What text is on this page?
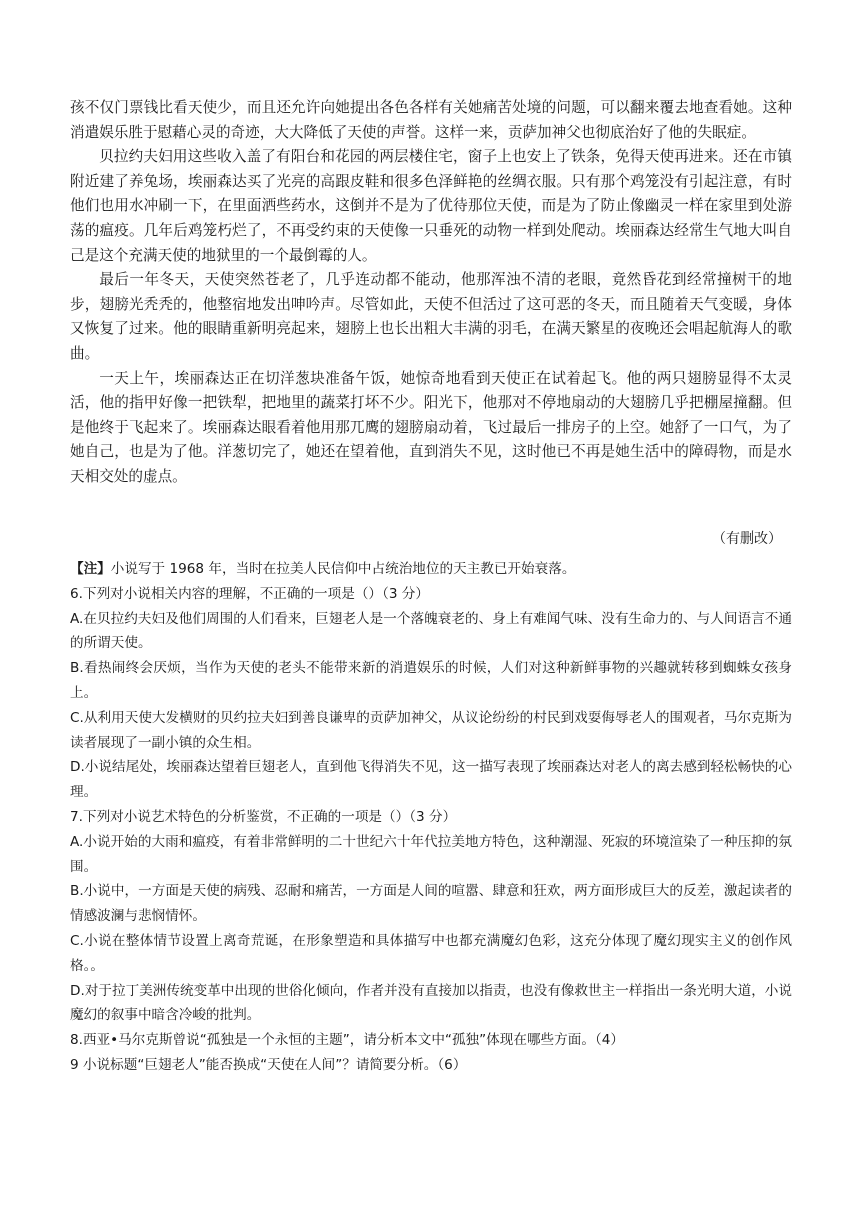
孩不仅门票钱比看天使少，而且还允许向她提出各色各样有关她痛苦处境的问题，可以翻来覆去地查看她。这种消遣娱乐胜于慰藉心灵的奇迹，大大降低了天使的声誉。这样一来，贡萨加神父也彻底治好了他的失眠症。

贝拉约夫妇用这些收入盖了有阳台和花园的两层楼住宅，窗子上也安上了铁条，免得天使再进来。还在市镇附近建了养兔场，埃丽森达买了光亮的高跟皮鞋和很多色泽鲜艳的丝绸衣服。只有那个鸡笼没有引起注意，有时他们也用水冲刷一下，在里面洒些药水，这倒并不是为了优待那位天使，而是为了防止像幽灵一样在家里到处游荡的瘟疫。几年后鸡笼朽烂了，不再受约束的天使像一只垂死的动物一样到处爬动。埃丽森达经常生气地大叫自己是这个充满天使的地狱里的一个最倒霉的人。

最后一年冬天，天使突然苍老了，几乎连动都不能动，他那浑浊不清的老眼，竟然昏花到经常撞树干的地步，翅膀光秃秃的，他整宿地发出呻吟声。尽管如此，天使不但活过了这可恶的冬天，而且随着天气变暖，身体又恢复了过来。他的眼睛重新明亮起来，翅膀上也长出粗大丰满的羽毛，在满天繁星的夜晚还会唱起航海人的歌曲。

一天上午，埃丽森达正在切洋葱块准备午饭，她惊奇地看到天使正在试着起飞。他的两只翅膀显得不太灵活，他的指甲好像一把铁犁，把地里的蔬菜打坏不少。阳光下，他那对不停地扇动的大翅膀几乎把棚屋撞翻。但是他终于飞起来了。埃丽森达眼看着他用那兀鹰的翅膀扇动着，飞过最后一排房子的上空。她舒了一口气，为了她自己，也是为了他。洋葱切完了，她还在望着他，直到消失不见，这时他已不再是她生活中的障碍物，而是水天相交处的虚点。

（有删改）

【注】小说写于 1968 年，当时在拉美人民信仰中占统治地位的天主教已开始衰落。

6.下列对小说相关内容的理解，不正确的一项是（）（3 分）

A.在贝拉约夫妇及他们周围的人们看来，巨翅老人是一个落魄衰老的、身上有难闻气味、没有生命力的、与人间语言不通的所谓天使。

B.看热闹终会厌烦，当作为天使的老头不能带来新的消遣娱乐的时候，人们对这种新鲜事物的兴趣就转移到蜘蛛女孩身上。

C.从利用天使大发横财的贝约拉夫妇到善良谦卑的贡萨加神父，从议论纷纷的村民到戏耍侮辱老人的围观者，马尔克斯为读者展现了一副小镇的众生相。

D.小说结尾处，埃丽森达望着巨翅老人，直到他飞得消失不见，这一描写表现了埃丽森达对老人的离去感到轻松畅快的心理。

7.下列对小说艺术特色的分析鉴赏，不正确的一项是（）（3 分）

A.小说开始的大雨和瘟疫，有着非常鲜明的二十世纪六十年代拉美地方特色，这种潮湿、死寂的环境渲染了一种压抑的氛围。

B.小说中，一方面是天使的病残、忍耐和痛苦，一方面是人间的喧嚣、肆意和狂欢，两方面形成巨大的反差，激起读者的情感波澜与悲悯情怀。

C.小说在整体情节设置上离奇荒诞，在形象塑造和具体描写中也都充满魔幻色彩，这充分体现了魔幻现实主义的创作风格。。

D.对于拉丁美洲传统变革中出现的世俗化倾向，作者并没有直接加以指责，也没有像救世主一样指出一条光明大道，小说魔幻的叙事中暗含冷峻的批判。

8.西亚•马尔克斯曾说“孤独是一个永恒的主题”，请分析本文中“孤独”体现在哪些方面。（4）

9 小说标题“巨翅老人”能否换成“天使在人间”？请简要分析。（6）
